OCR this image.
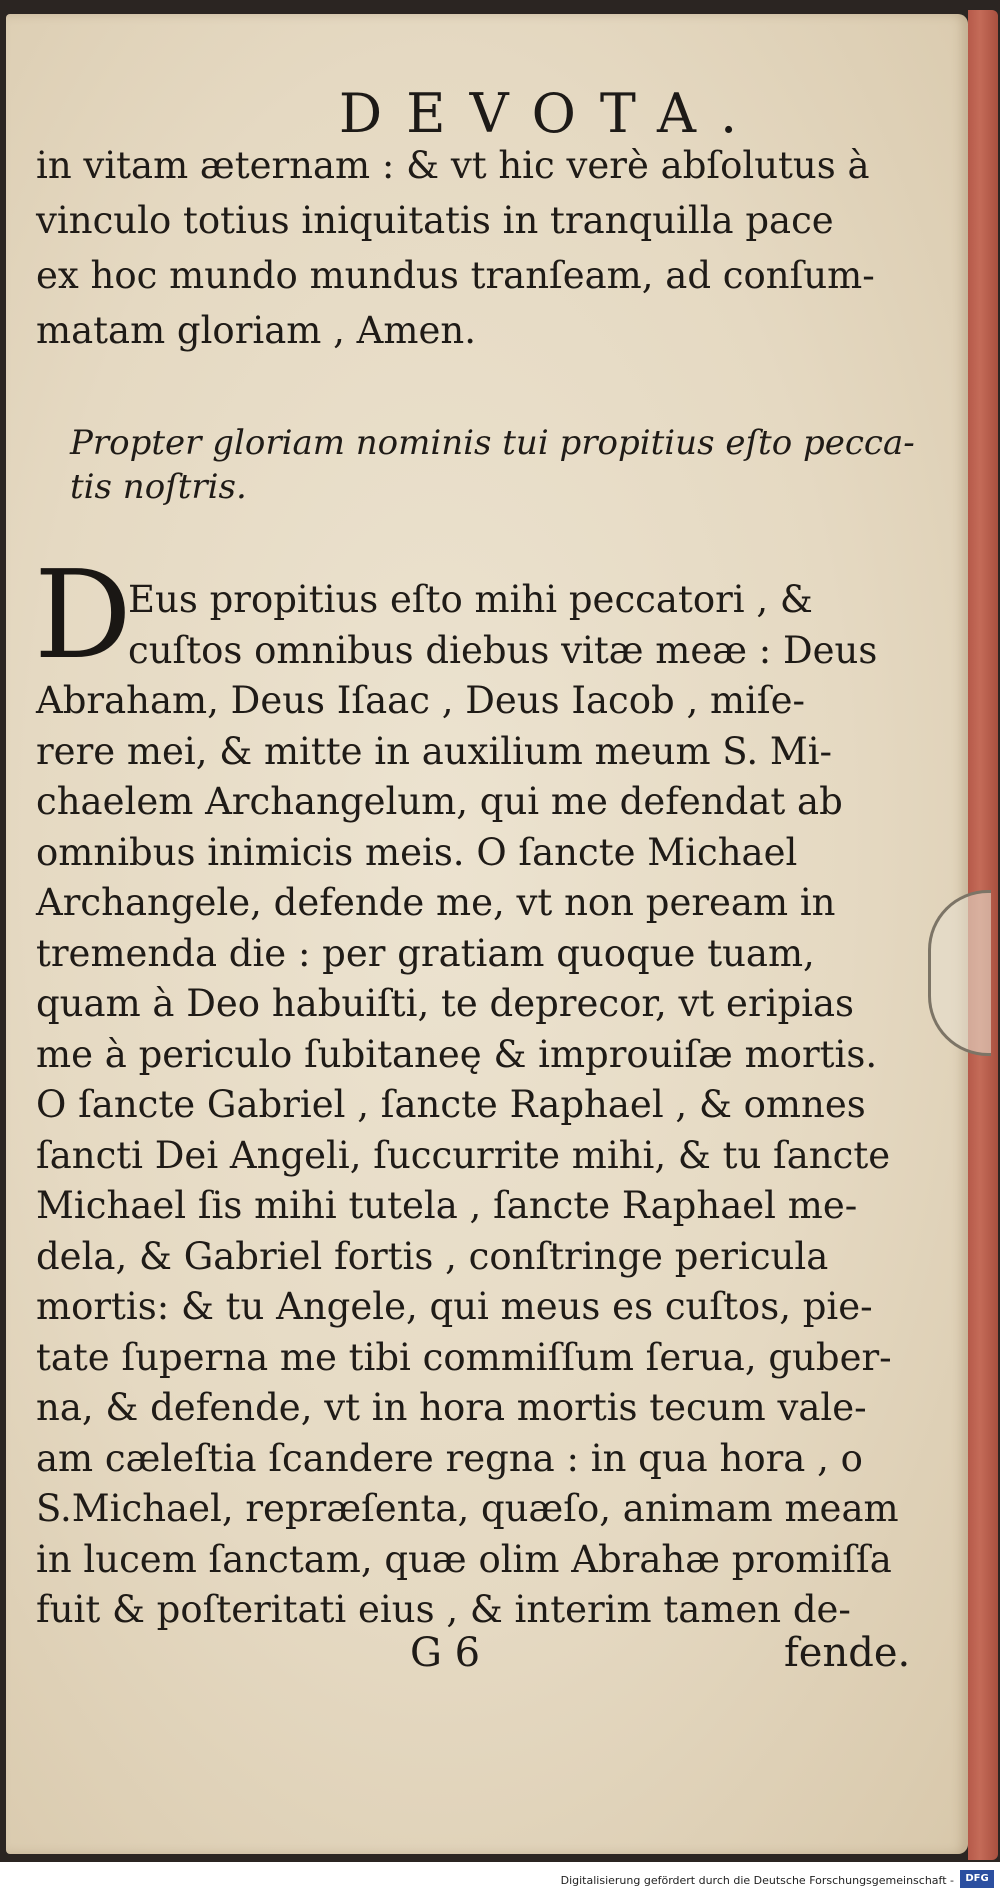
DEVOTA.
in vitam æternam : & vt hic verè abſolutus à
vinculo totius iniquitatis in tranquilla pace
ex hoc mundo mundus tranſeam, ad conſum-
matam gloriam , Amen.
Propter gloriam nominis tui propitius eſto pecca-
tis noſtris.
D
Eus propitius eſto mihi peccatori , &
cuſtos omnibus diebus vitæ meæ : Deus
Abraham, Deus Iſaac , Deus Iacob , miſe-
rere mei, & mitte in auxilium meum S. Mi-
chaelem Archangelum, qui me defendat ab
omnibus inimicis meis. O ſancte Michael
Archangele, defende me, vt non peream in
tremenda die : per gratiam quoque tuam,
quam à Deo habuiſti, te deprecor, vt eripias
me à periculo ſubitaneę & improuiſæ mortis.
O ſancte Gabriel , ſancte Raphael , & omnes
ſancti Dei Angeli, ſuccurrite mihi, & tu ſancte
Michael ſis mihi tutela , ſancte Raphael me-
dela, & Gabriel fortis , conſtringe pericula
mortis: & tu Angele, qui meus es cuſtos, pie-
tate ſuperna me tibi commiſſum ſerua, guber-
na, & defende, vt in hora mortis tecum vale-
am cæleſtia ſcandere regna : in qua hora , o
S.Michael, repræſenta, quæſo, animam meam
in lucem ſanctam, quæ olim Abrahæ promiſſa
fuit & poſteritati eius , & interim tamen de-
G 6	fende.
Digitalisierung gefördert durch die Deutsche Forschungsgemeinschaft -	DFG
